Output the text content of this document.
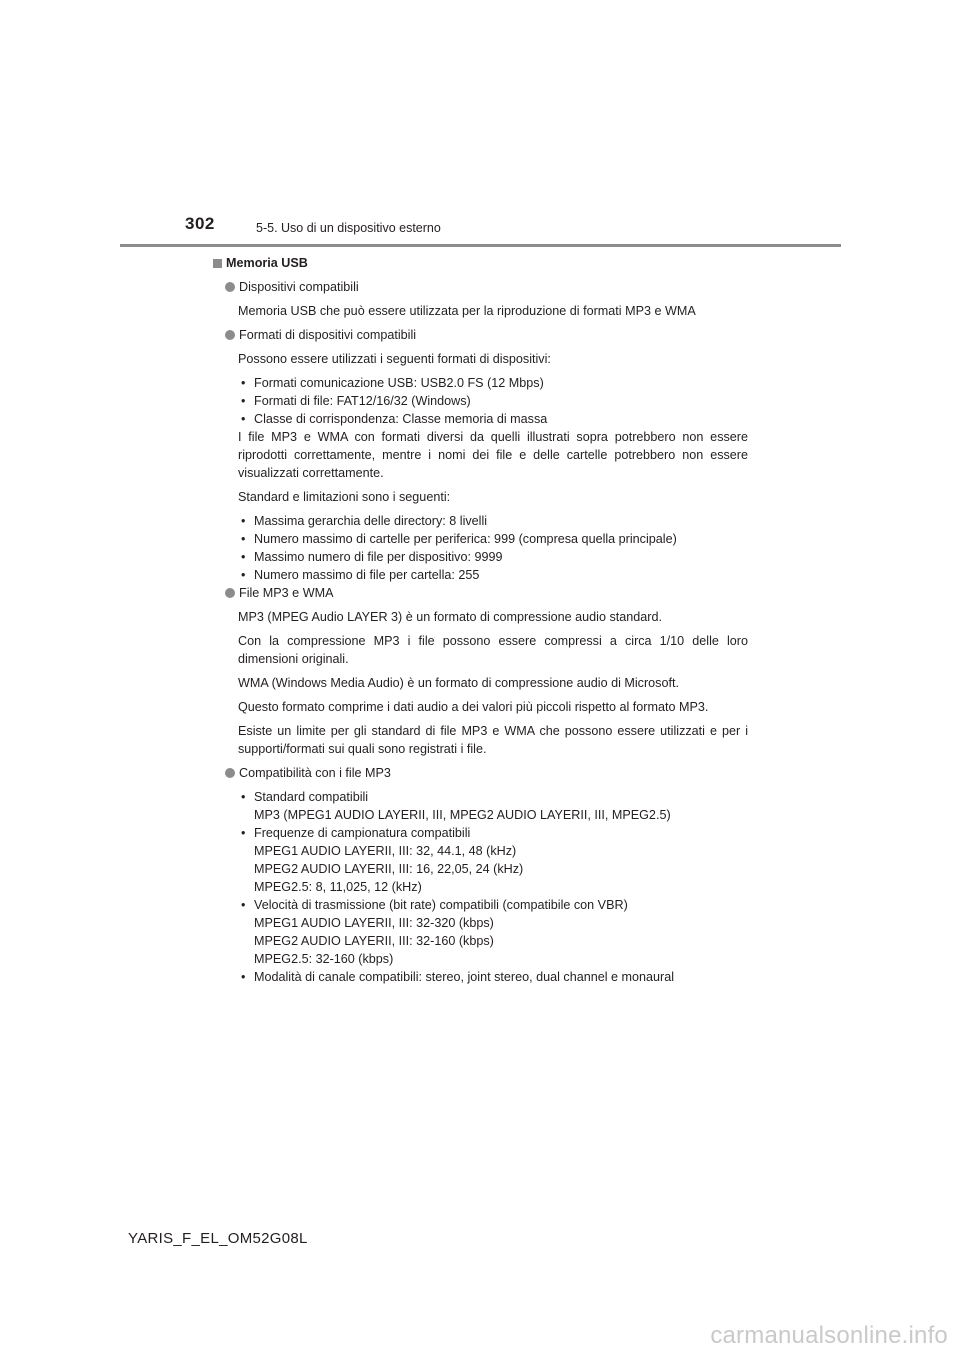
302	5-5. Uso di un dispositivo esterno
Memoria USB
Dispositivi compatibili
Memoria USB che può essere utilizzata per la riproduzione di formati MP3 e WMA
Formati di dispositivi compatibili
Possono essere utilizzati i seguenti formati di dispositivi:
• Formati comunicazione USB: USB2.0 FS (12 Mbps)
• Formati di file: FAT12/16/32 (Windows)
• Classe di corrispondenza: Classe memoria di massa
I file MP3 e WMA con formati diversi da quelli illustrati sopra potrebbero non essere riprodotti correttamente, mentre i nomi dei file e delle cartelle potrebbero non essere visualizzati correttamente.
Standard e limitazioni sono i seguenti:
• Massima gerarchia delle directory: 8 livelli
• Numero massimo di cartelle per periferica: 999 (compresa quella principale)
• Massimo numero di file per dispositivo: 9999
• Numero massimo di file per cartella: 255
File MP3 e WMA
MP3 (MPEG Audio LAYER 3) è un formato di compressione audio standard.
Con la compressione MP3 i file possono essere compressi a circa 1/10 delle loro dimensioni originali.
WMA (Windows Media Audio) è un formato di compressione audio di Microsoft.
Questo formato comprime i dati audio a dei valori più piccoli rispetto al formato MP3.
Esiste un limite per gli standard di file MP3 e WMA che possono essere utilizzati e per i supporti/formati sui quali sono registrati i file.
Compatibilità con i file MP3
• Standard compatibili
MP3 (MPEG1 AUDIO LAYERII, III, MPEG2 AUDIO LAYERII, III, MPEG2.5)
• Frequenze di campionatura compatibili
MPEG1 AUDIO LAYERII, III: 32, 44.1, 48 (kHz)
MPEG2 AUDIO LAYERII, III: 16, 22,05, 24 (kHz)
MPEG2.5: 8, 11,025, 12 (kHz)
• Velocità di trasmissione (bit rate) compatibili (compatibile con VBR)
MPEG1 AUDIO LAYERII, III: 32-320 (kbps)
MPEG2 AUDIO LAYERII, III: 32-160 (kbps)
MPEG2.5: 32-160 (kbps)
• Modalità di canale compatibili: stereo, joint stereo, dual channel e monaural
YARIS_F_EL_OM52G08L
carmanualsonline.info
